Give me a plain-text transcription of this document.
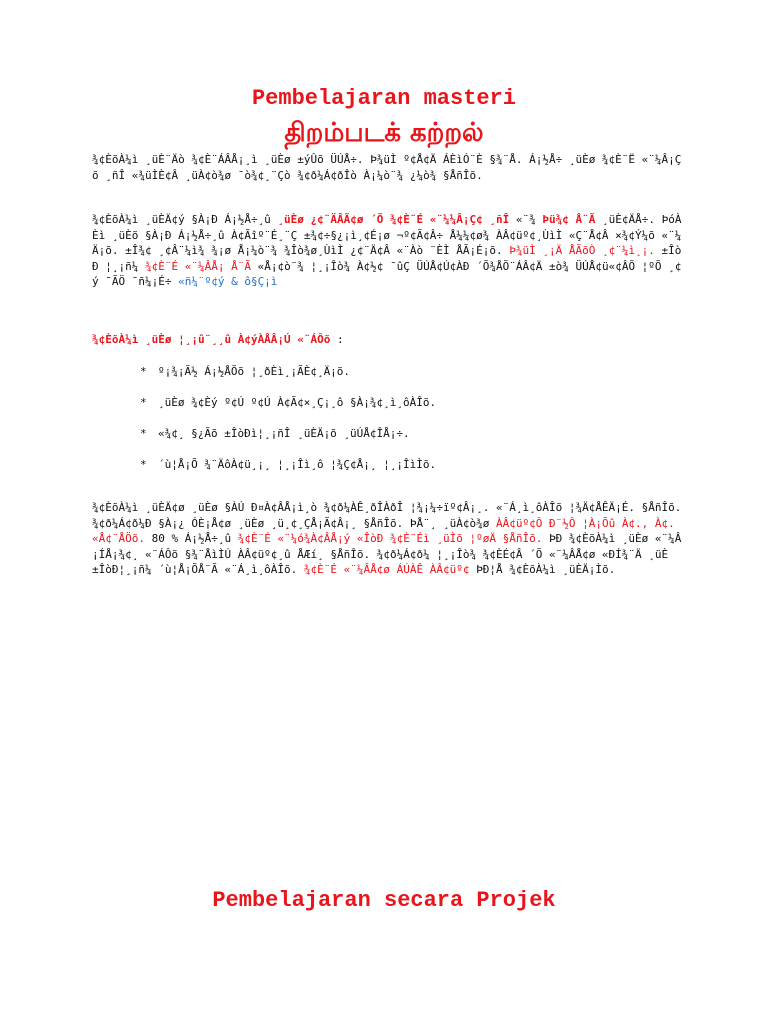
Pembelajaran masteri
திறம்படக் கற்றல்

¾¢ÈõÀ¼ì ¸üÈ¨Äò ¾¢È¨ÁÂÅ¡¸ì ¸üÈø ±ýÛõ ÜÚÅ÷. Þ¾üÌ º¢Å¢Ä ÁÈìÓ¨È §¾¨Å. Á¡½Å÷ ¸üÈø ¾¢È¨Ë «¨¼Â¡Ç õ ¸ñÎ «¾üÌÈ¢Â ¸üÀ¢ò¾ø ¯ò¾¢¸¨Çò ¾¢ð¼Á¢ðÎò À¡¼ò¨¾ ¿¼ò¾ §ÅñÎõ.

¾¢ÈõÀ¼ì ¸üÈÄ¢ý §À¡Ð Á¡½Å÷¸û ¸üÈø ¿¢¨ÄÂÃ¢ø ´Õ ¾¢È¨É «¨¼¼Â¡Ç¢ ¸ñÎ «¨¾ Þü¾¢ Å¨Ã ¸üÈ¢ÄÅ÷. ÞóÀÈì ¸üÈõ §À¡Ð Á¡½Å÷¸û À¢Ãîº¨É¸¨Ç ±¾¢÷§¿¡ì¸¢É¡ø ¬º¢Ã¢Â÷ Å¼¼¢ø¾ ÀÂ¢üº¢¸ÙìÌ «Ç¨Å¢Â ×¾¢Ý¼õ «¨¼Ä¡õ. ±Î¾¢ ¸¢Â¨¼ì¾ ¾¡ø Å¡¼ò¨¾ ¾Îò¾ø¸ÙìÌ ¿¢¨Ä¢Â «¨Àò ¨ÈÌ ÅÃ¡É¡õ. Þ¾üÌ ¸¡Ä ÅÃõÒ ¸¢¨¼ì¸¡. ±ÎòÐ ¦¸¡ñ¼ ¾¢È¨É «¨¼ÂÅ¡ Å¨Ã «Å¡¢ò¨¾ ¦¸¡Îò¾ À¢½¢ ¯ûÇ ÜÚÅ¢Ú¢ÀÐ ´Õ¾ÅÕ¨ÁÂ¢Ä ±ò¾ ÜÚÅ¢ü«¢ÂÕ ¦ºÕ ¸¢ý ¯ÃÖ ¯ñ¼¡É÷ «ñ¼¨º¢ý & ô§Ç¡ì

¾¢ÈõÀ¼ì ¸üÈø ¦¸¡û¨¸¸û À¢ýÀÅÂ¡Ú «¨ÁÔõ :

* º¡¾¡Ã½ Á¡½ÅÕõ ¦¸ðÈì¸¡ÃÈ¢¸Ä¡õ.

* ¸üÈø ¾¢Èý º¢Ú º¢Ú À¢Ã¢×¸Ç¡¸ô §À¡¾¢¸ì¸ôÀÎõ.

* «¾¢¸ §¿Ãõ ±ÎòÐì¦¸¡ñÎ ¸üÈÄ¡õ ¸üÚÅ¢ÎÅ¡÷.

* ´ù¦Å¡Õ ¾¨ÄôÀ¢ü¸¡¸ ¦¸¡Îì¸ô ¦¾Ç¢Å¡¸ ¦¸¡ÎìÌõ.

¾¢ÈõÀ¼ì ¸üÈÄ¢ø ¸üÈø §ÀÚ Ð¤À¢ÂÅ¡ì¸ò ¾¢ð¼ÀÊ¸ðÎÀðÎ ¦¾¡¼÷ïº¢Â¡¸. «¨Á¸ì¸ôÀÎõ ¦¾Ä¢ÅÊÄ¡É. §ÅñÎõ. ¾¢ð¼Á¢ð¼Ð §À¡¿ ÓÈ¡Å¢ø ¸üÈø ¸ü¸¢¸ÇÅ¡Ã¢Â¡¸ §ÅñÎõ. ÞÅ¨¸ ¸üÀ¢ò¾ø ÀÂ¢üº¢Ô Ð¨½Ô ¦À¡Õû À¢., À¢. «Å¢¨ÅÖõ. 80 % Á¡½Å÷¸û ¾¢È¨É «¨¼ó¾À¢ÂÅ¡ý «ÎòÐ ¾¢È¨Éì ¸üÌõ ¦ºøÄ §ÅñÎõ. ÞÐ ¾¢ÈõÀ¼ì ¸üÈø «¨¼Â¡ÍÅ¡¾¢¸ «¨ÁÔõ §¾¨ÅìÌÚ ÀÂ¢üº¢¸û ÅÆí¸ §ÅñÎõ. ¾¢ð¼Á¢ð¼ ¦¸¡Îò¾ ¾¢ÈÉ¢Â ´Õ «¨¼ÂÅ¢ø «ÐÍ¾¨Ä ¸üÈ ±ÎòÐ¦¸¡ñ¼ ´ù¦Å¡ÕÅ¨Ã «¨Á¸ì¸ôÀÎõ. ¾¢È¨É «¨¼ÂÅ¢ø ÁÚÀÊ ÀÂ¢üº¢ ÞÐ¦Å ¾¢ÈõÀ¼ì ¸üÈÄ¡Ìõ.

Pembelajaran secara Projek
